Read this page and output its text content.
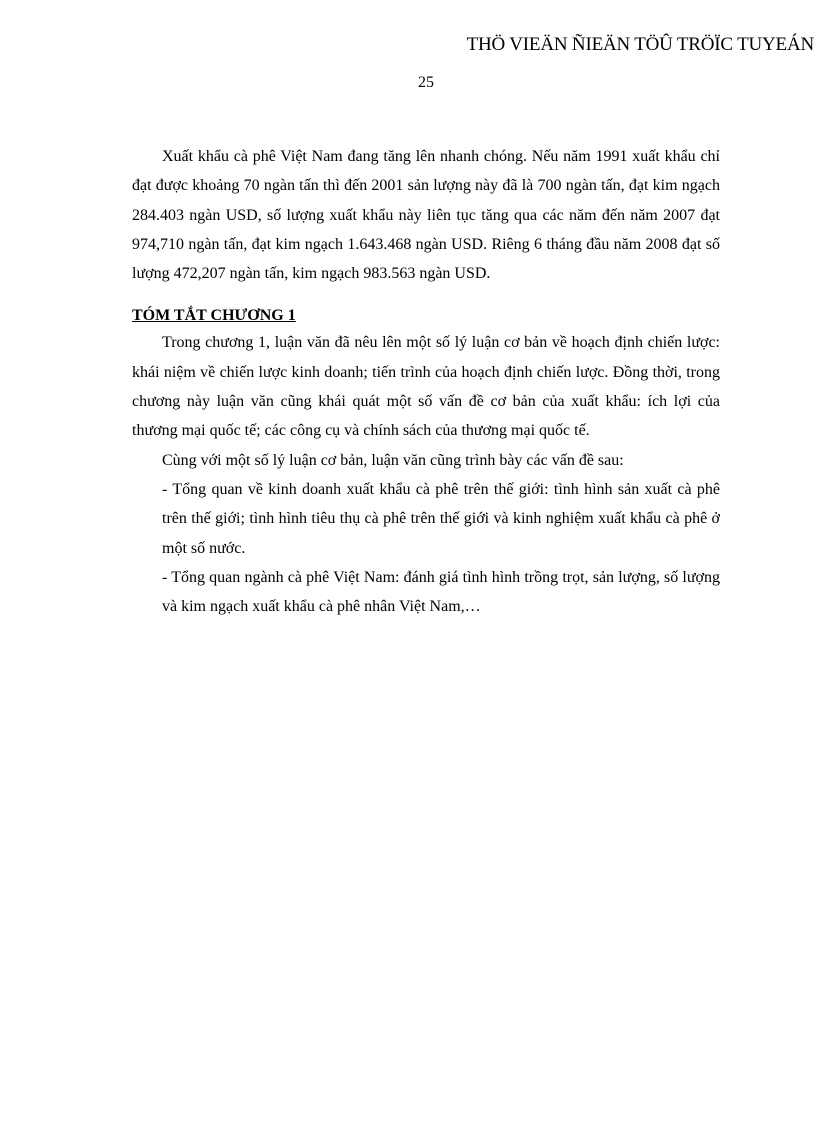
THÖ VIEÄN ÑIEÄN TÖÛ TRÖÏC TUYEÁN
25

Xuất khẩu cà phê Việt Nam đang tăng lên nhanh chóng. Nếu năm 1991 xuất khẩu chỉ đạt được khoảng 70 ngàn tấn thì đến 2001 sản lượng này đã là 700 ngàn tấn, đạt kim ngạch 284.403 ngàn USD, số lượng xuất khẩu này liên tục tăng qua các năm đến năm 2007 đạt 974,710 ngàn tấn, đạt kim ngạch 1.643.468 ngàn USD. Riêng 6 tháng đầu năm 2008 đạt số lượng 472,207 ngàn tấn, kim ngạch 983.563 ngàn USD.

TÓM TẮT CHƯƠNG 1

Trong chương 1, luận văn đã nêu lên một số lý luận cơ bản về hoạch định chiến lược: khái niệm về chiến lược kinh doanh; tiến trình của hoạch định chiến lược. Đồng thời, trong chương này luận văn cũng khái quát một số vấn đề cơ bản của xuất khẩu: ích lợi của thương mại quốc tế; các công cụ và chính sách của thương mại quốc tế.

Cùng với một số lý luận cơ bản, luận văn cũng trình bày các vấn đề sau:

- Tổng quan về kinh doanh xuất khẩu cà phê trên thế giới: tình hình sản xuất cà phê trên thế giới; tình hình tiêu thụ cà phê trên thế giới và kinh nghiệm xuất khẩu cà phê ở một số nước.

- Tổng quan ngành cà phê Việt Nam: đánh giá tình hình trồng trọt, sản lượng, số lượng và kim ngạch xuất khẩu cà phê nhân Việt Nam,…
